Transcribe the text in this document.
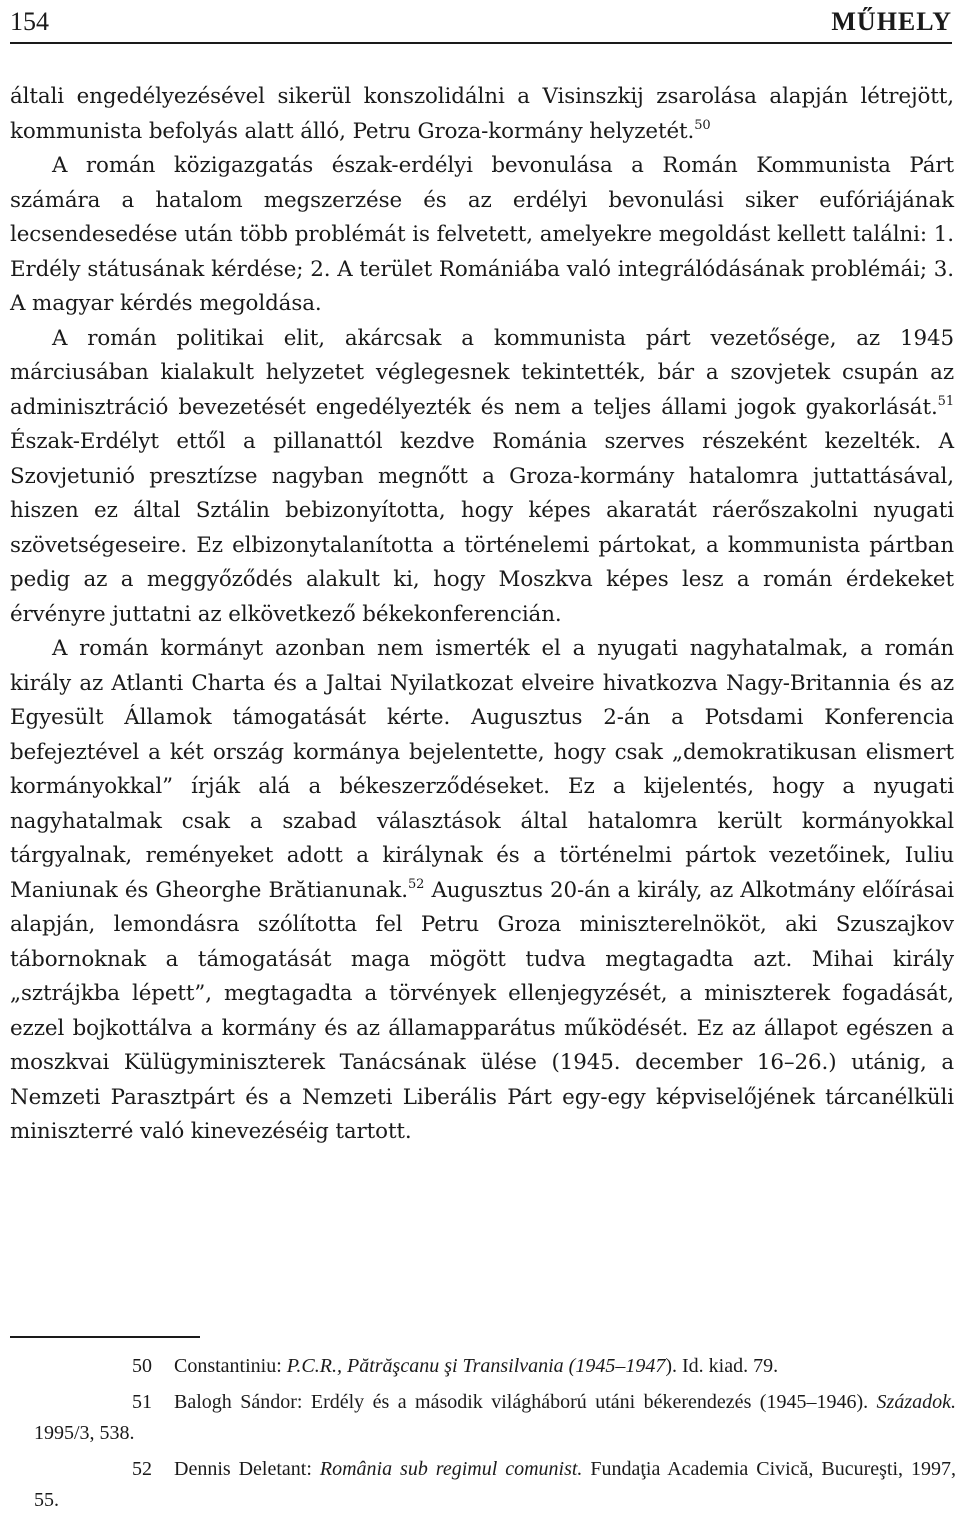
154	MŰHELY

általi engedélyezésével sikerül konszolidálni a Visinszkij zsarolása alapján létrejött, kommunista befolyás alatt álló, Petru Groza-kormány helyzetét.$^{50}$

A román közigazgatás észak-erdélyi bevonulása a Román Kommunista Párt számára a hatalom megszerzése és az erdélyi bevonulási siker eufóriájának lecsendesedése után több problémát is felvetett, amelyekre megoldást kellett találni: 1. Erdély státusának kérdése; 2. A terület Romániába való integrálódásának problémái; 3. A magyar kérdés megoldása.

A román politikai elit, akárcsak a kommunista párt vezetősége, az 1945 márciusában kialakult helyzetet véglegesnek tekintették, bár a szovjetek csupán az adminisztráció bevezetését engedélyezték és nem a teljes állami jogok gyakorlását.$^{51}$ Észak-Erdélyt ettől a pillanattól kezdve Románia szerves részeként kezelték. A Szovjetunió presztízse nagyban megnőtt a Groza-kormány hatalomra juttattásával, hiszen ez által Sztálin bebizonyította, hogy képes akaratát ráerőszakolni nyugati szövetségeseire. Ez elbizonytalanította a történelemi pártokat, a kommunista pártban pedig az a meggyőződés alakult ki, hogy Moszkva képes lesz a román érdekeket érvényre juttatni az elkövetkező békekonferencián.

A román kormányt azonban nem ismerték el a nyugati nagyhatalmak, a román király az Atlanti Charta és a Jaltai Nyilatkozat elveire hivatkozva Nagy-Britannia és az Egyesült Államok támogatását kérte. Augusztus 2-án a Potsdami Konferencia befejeztével a két ország kormánya bejelentette, hogy csak „demokratikusan elismert kormányokkal” írják alá a békeszerződéseket. Ez a kijelentés, hogy a nyugati nagyhatalmak csak a szabad választások által hatalomra került kormányokkal tárgyalnak, reményeket adott a királynak és a történelmi pártok vezetőinek, Iuliu Maniunak és Gheorghe Brătianunak.$^{52}$ Augusztus 20-án a király, az Alkotmány előírásai alapján, lemondásra szólította fel Petru Groza miniszterelnököt, aki Szuszajkov tábornoknak a támogatását maga mögött tudva megtagadta azt. Mihai király „sztrájkba lépett”, megtagadta a törvények ellenjegyzését, a miniszterek fogadását, ezzel bojkottálva a kormány és az államapparátus működését. Ez az állapot egészen a moszkvai Külügyminiszterek Tanácsának ülése (1945. december 16–26.) utánig, a Nemzeti Parasztpárt és a Nemzeti Liberális Párt egy-egy képviselőjének tárcanélküli miniszterré való kinevezéséig tartott.

50 Constantiniu: P.C.R., Pătrăşcanu şi Transilvania (1945–1947). Id. kiad. 79.

51 Balogh Sándor: Erdély és a második világháború utáni békerendezés (1945–1946). Századok. 1995/3, 538.

52 Dennis Deletant: România sub regimul comunist. Fundaţia Academia Civică, Bucureşti, 1997, 55.
